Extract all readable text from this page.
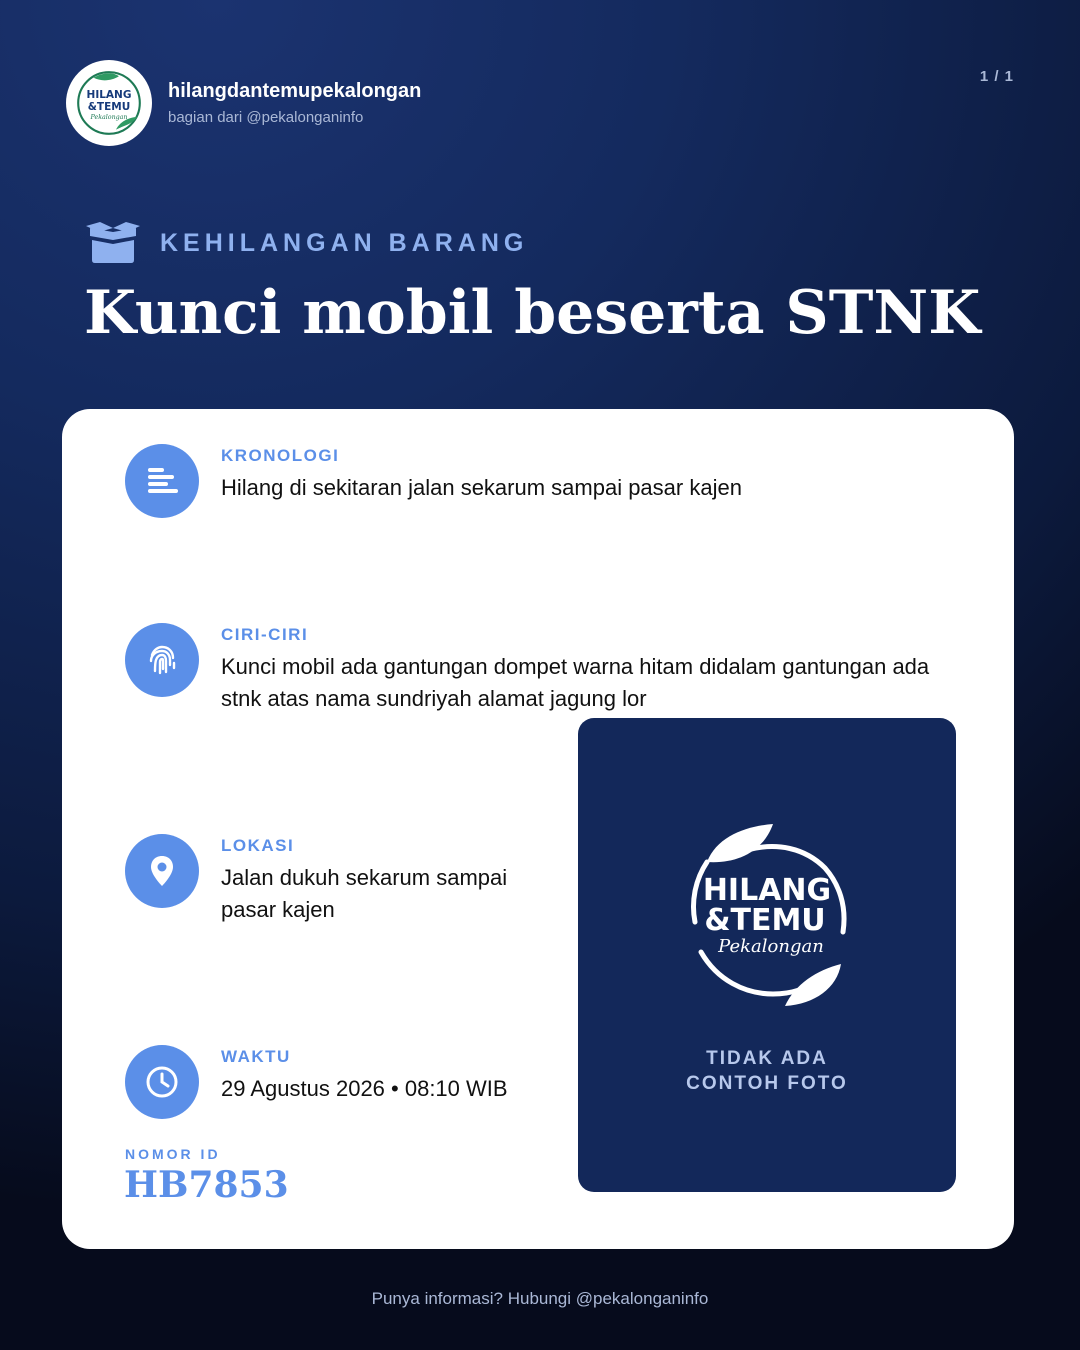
HILANG
&TEMU
Pekalongan
hilangdantemupekalongan
bagian dari @pekalonganinfo
1 / 1
KEHILANGAN BARANG
Kunci mobil beserta STNK
KRONOLOGI
Hilang di sekitaran jalan sekarum sampai pasar kajen
CIRI-CIRI
Kunci mobil ada gantungan dompet warna hitam didalam gantungan ada stnk atas nama sundriyah alamat jagung lor
LOKASI
Jalan dukuh sekarum sampai pasar kajen
WAKTU
29 Agustus 2026 • 08:10 WIB
NOMOR ID
HB7853
HILANG
&TEMU
Pekalongan
TIDAK ADA CONTOH FOTO
Punya informasi? Hubungi @pekalonganinfo
